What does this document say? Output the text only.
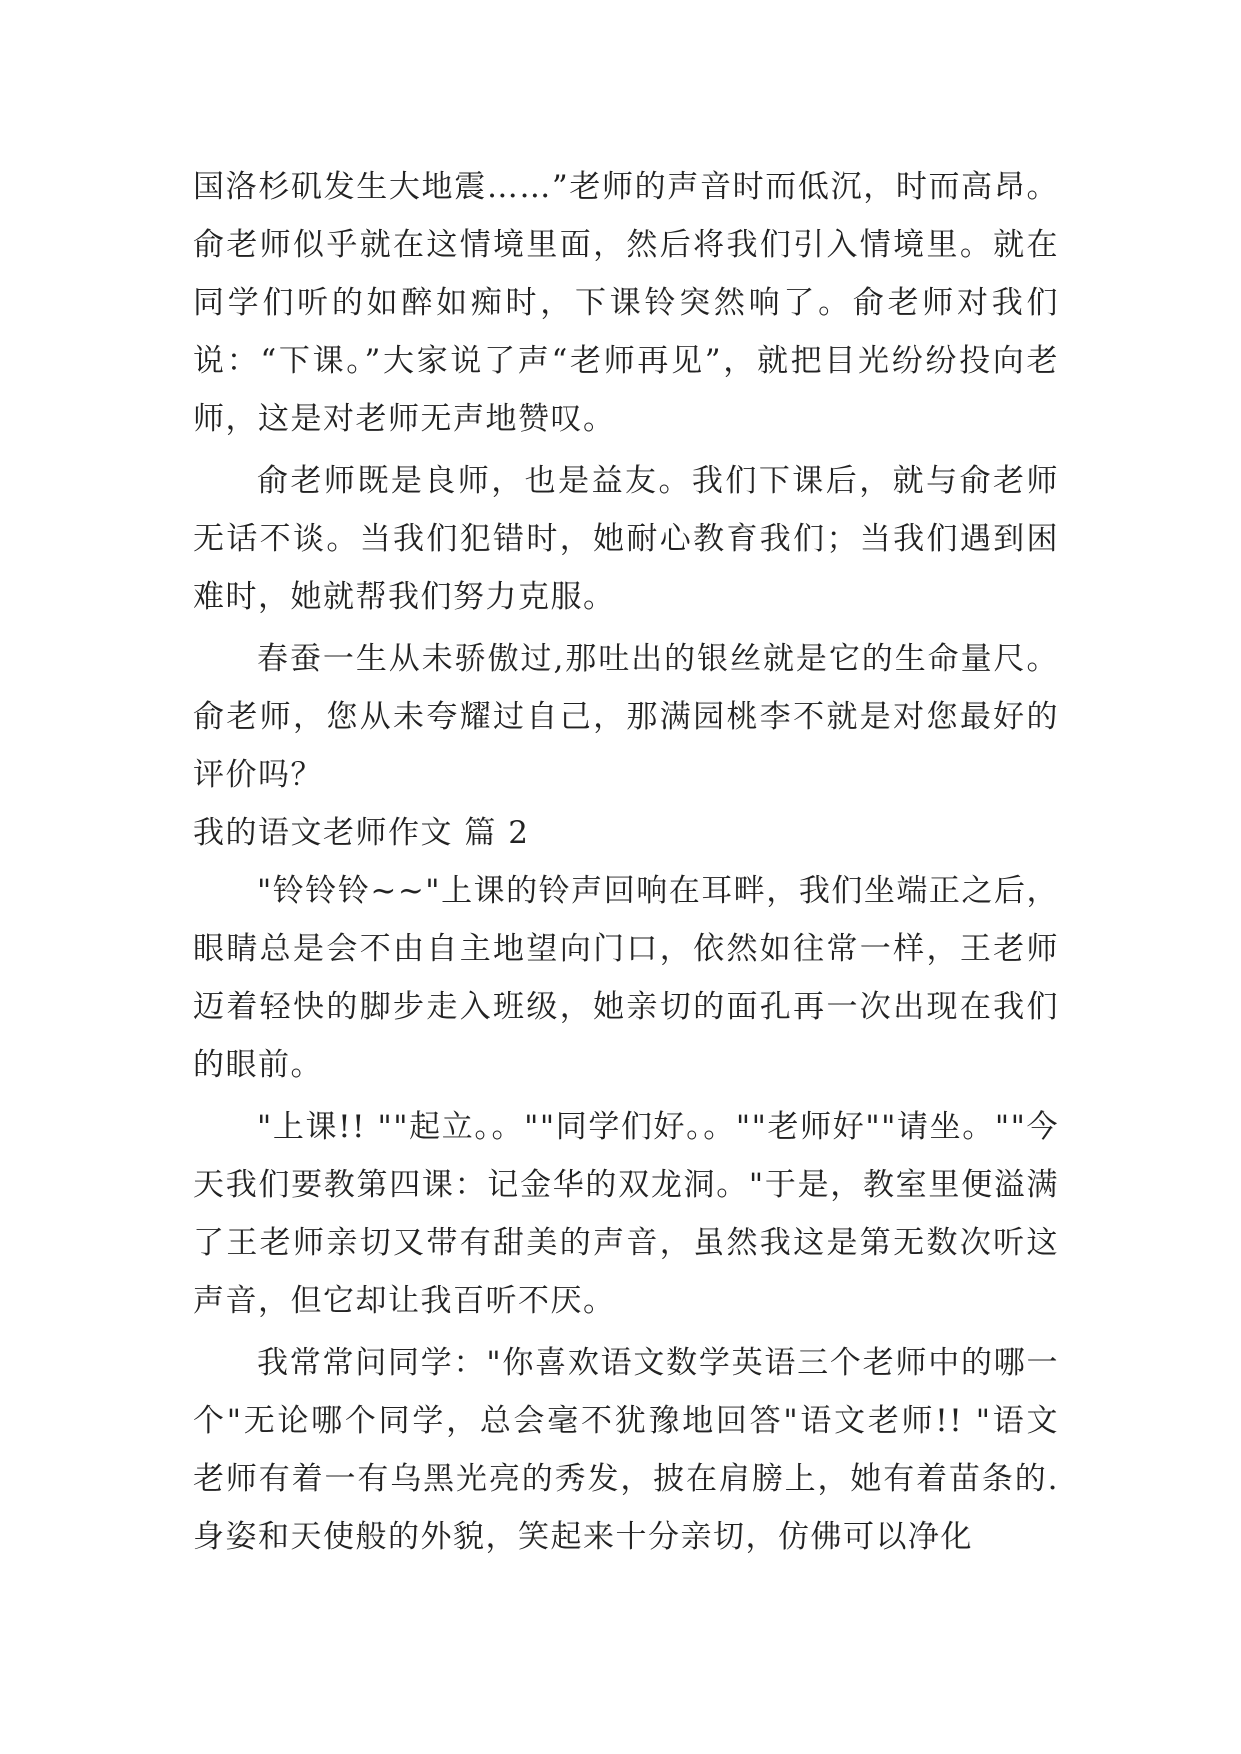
国洛杉矶发生大地震……”老师的声音时而低沉，时而高昂。俞老师似乎就在这情境里面，然后将我们引入情境里。就在同学们听的如醉如痴时，下课铃突然响了。俞老师对我们说：“下课。”大家说了声“老师再见”，就把目光纷纷投向老师，这是对老师无声地赞叹。

俞老师既是良师，也是益友。我们下课后，就与俞老师无话不谈。当我们犯错时，她耐心教育我们；当我们遇到困难时，她就帮我们努力克服。

春蚕一生从未骄傲过,那吐出的银丝就是它的生命量尺。俞老师，您从未夸耀过自己，那满园桃李不就是对您最好的评价吗？

我的语文老师作文 篇 2

"铃铃铃~~"上课的铃声回响在耳畔，我们坐端正之后，眼睛总是会不由自主地望向门口，依然如往常一样，王老师迈着轻快的脚步走入班级，她亲切的面孔再一次出现在我们的眼前。

"上课!! ""起立。。""同学们好。。""老师好""请坐。""今天我们要教第四课：记金华的双龙洞。"于是，教室里便溢满了王老师亲切又带有甜美的声音，虽然我这是第无数次听这声音，但它却让我百听不厌。

我常常问同学："你喜欢语文数学英语三个老师中的哪一个"无论哪个同学，总会毫不犹豫地回答"语文老师!! "语文老师有着一有乌黑光亮的秀发，披在肩膀上，她有着苗条的.身姿和天使般的外貌，笑起来十分亲切，仿佛可以净化
